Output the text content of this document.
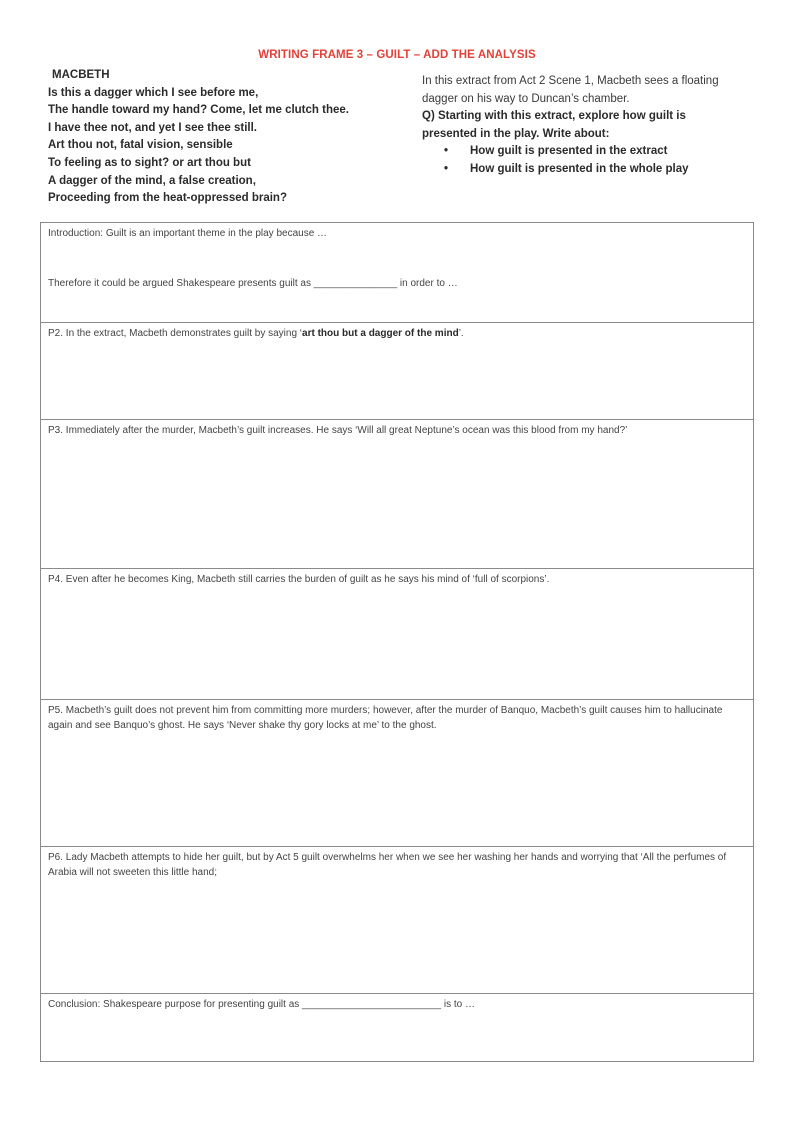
WRITING FRAME 3 – GUILT – ADD THE ANALYSIS
MACBETH
Is this a dagger which I see before me,
The handle toward my hand? Come, let me clutch thee.
I have thee not, and yet I see thee still.
Art thou not, fatal vision, sensible
To feeling as to sight? or art thou but
A dagger of the mind, a false creation,
Proceeding from the heat-oppressed brain?
In this extract from Act 2 Scene 1, Macbeth sees a floating dagger on his way to Duncan’s chamber.
Q) Starting with this extract, explore how guilt is presented in the play. Write about:
• How guilt is presented in the extract
• How guilt is presented in the whole play
Introduction: Guilt is an important theme in the play because …
Therefore it could be argued Shakespeare presents guilt as _______________ in order to …
P2. In the extract, Macbeth demonstrates guilt by saying ‘art thou but a dagger of the mind’.
P3. Immediately after the murder, Macbeth’s guilt increases. He says ‘Will all great Neptune’s ocean was this blood from my hand?’
P4. Even after he becomes King, Macbeth still carries the burden of guilt as he says his mind of ‘full of scorpions’.
P5. Macbeth’s guilt does not prevent him from committing more murders; however, after the murder of Banquo, Macbeth’s guilt causes him to hallucinate again and see Banquo’s ghost. He says ‘Never shake thy gory locks at me’ to the ghost.
P6. Lady Macbeth attempts to hide her guilt, but by Act 5 guilt overwhelms her when we see her washing her hands and worrying that ‘All the perfumes of Arabia will not sweeten this little hand;
Conclusion: Shakespeare purpose for presenting guilt as _________________________ is to …
